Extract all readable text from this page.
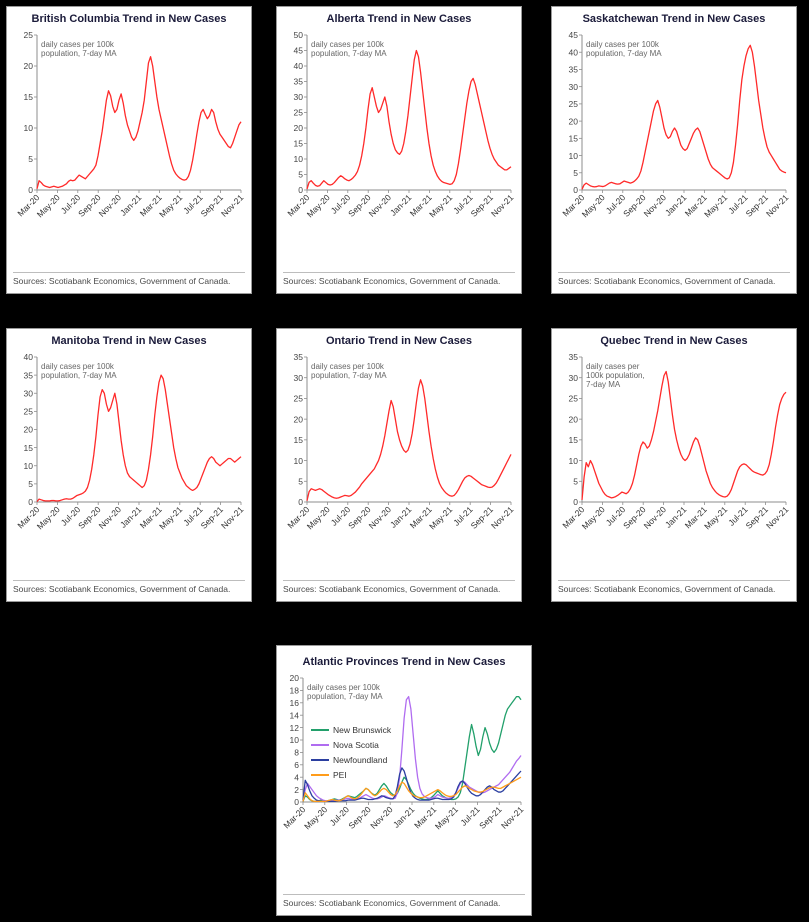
British Columbia Trend in New Cases
0
5
10
15
20
25
Mar-20
May-20
Jul-20
Sep-20
Nov-20
Jan-21
Mar-21
May-21
Jul-21
Sep-21
Nov-21
daily cases per 100k
population, 7-day MA
Sources: Scotiabank Economics, Government of Canada.
Alberta Trend in New Cases
0
5
10
15
20
25
30
35
40
45
50
Mar-20
May-20
Jul-20
Sep-20
Nov-20
Jan-21
Mar-21
May-21
Jul-21
Sep-21
Nov-21
daily cases per 100k
population, 7-day MA
Sources: Scotiabank Economics, Government of Canada.
Saskatchewan Trend in New Cases
0
5
10
15
20
25
30
35
40
45
Mar-20
May-20
Jul-20
Sep-20
Nov-20
Jan-21
Mar-21
May-21
Jul-21
Sep-21
Nov-21
daily cases per 100k
population, 7-day MA
Sources: Scotiabank Economics, Government of Canada.
Manitoba Trend in New Cases
0
5
10
15
20
25
30
35
40
Mar-20
May-20
Jul-20
Sep-20
Nov-20
Jan-21
Mar-21
May-21
Jul-21
Sep-21
Nov-21
daily cases per 100k
population, 7-day MA
Sources: Scotiabank Economics, Government of Canada.
Ontario Trend in New Cases
0
5
10
15
20
25
30
35
Mar-20
May-20
Jul-20
Sep-20
Nov-20
Jan-21
Mar-21
May-21
Jul-21
Sep-21
Nov-21
daily cases per 100k
population, 7-day MA
Sources: Scotiabank Economics, Government of Canada.
Quebec Trend in New Cases
0
5
10
15
20
25
30
35
Mar-20
May-20
Jul-20
Sep-20
Nov-20
Jan-21
Mar-21
May-21
Jul-21
Sep-21
Nov-21
daily cases per
100k population,
7-day MA
Sources: Scotiabank Economics, Government of Canada.
Atlantic Provinces Trend in New Cases
0
2
4
6
8
10
12
14
16
18
20
Mar-20
May-20
Jul-20
Sep-20
Nov-20
Jan-21
Mar-21
May-21
Jul-21
Sep-21
Nov-21
daily cases per 100k
population, 7-day MA
New Brunswick
Nova Scotia
Newfoundland
PEI
Sources: Scotiabank Economics, Government of Canada.
